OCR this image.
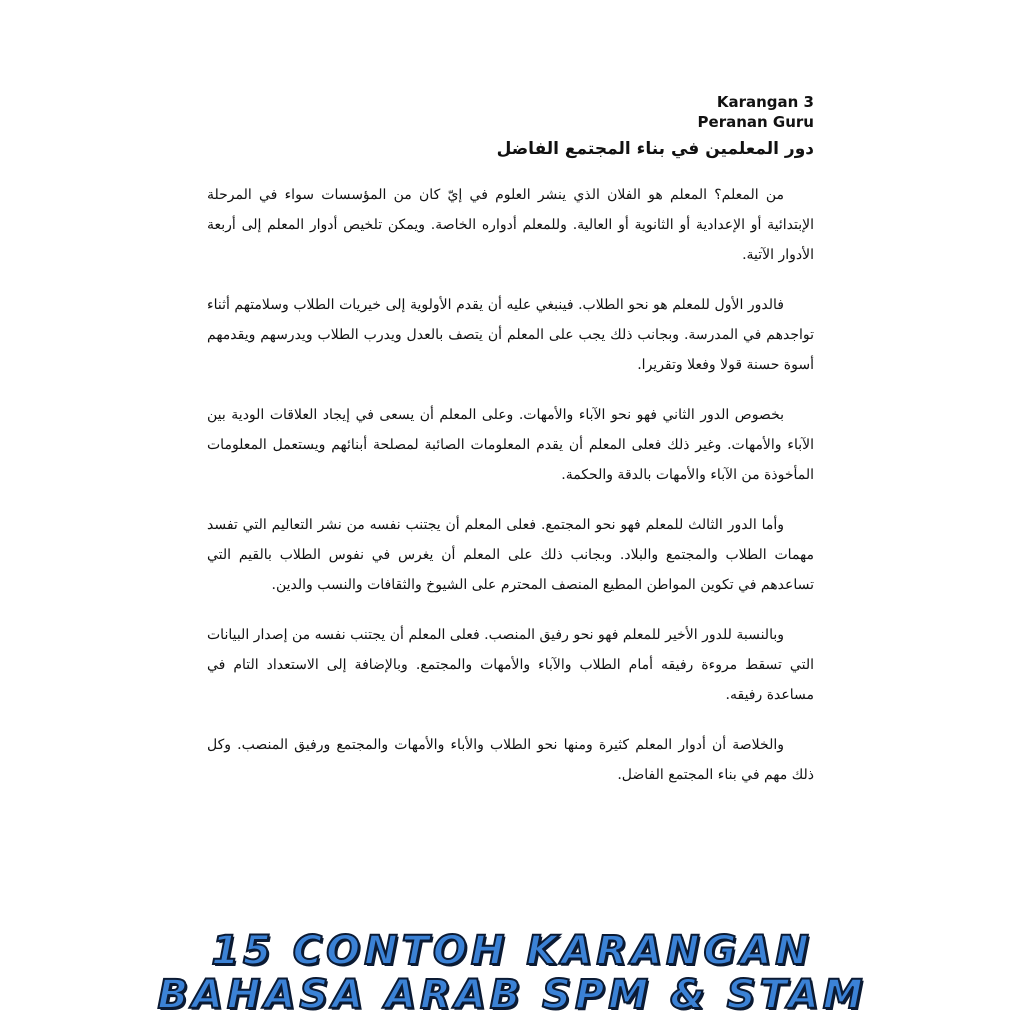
Karangan 3
Peranan Guru
دور المعلمين في بناء المجتمع الفاضل

من المعلم؟ المعلم هو الفلان الذي ينشر العلوم في إيّ كان من المؤسسات سواء في المرحلة الإبتدائية أو الإعدادية أو الثانوية أو العالية. وللمعلم أدواره الخاصة. ويمكن تلخيص أدوار المعلم إلى أربعة الأدوار الآتية.

فالدور الأول للمعلم هو نحو الطلاب. فينبغي عليه أن يقدم الأولوية إلى خيريات الطلاب وسلامتهم أثناء تواجدهم في المدرسة. وبجانب ذلك يجب على المعلم أن يتصف بالعدل ويدرب الطلاب ويدرسهم ويقدمهم أسوة حسنة قولا وفعلا وتقريرا.

بخصوص الدور الثاني فهو نحو الآباء والأمهات. وعلى المعلم أن يسعى في إيجاد العلاقات الودية بين الآباء والأمهات. وغير ذلك فعلى المعلم أن يقدم المعلومات الصائبة لمصلحة أبنائهم ويستعمل المعلومات المأخوذة من الآباء والأمهات بالدقة والحكمة.

وأما الدور الثالث للمعلم فهو نحو المجتمع. فعلى المعلم أن يجتنب نفسه من نشر التعاليم التي تفسد مهمات الطلاب والمجتمع والبلاد. وبجانب ذلك على المعلم أن يغرس في نفوس الطلاب بالقيم التي تساعدهم في تكوين المواطن المطيع المنصف المحترم على الشيوخ والثقافات والنسب والدين.

وبالنسبة للدور الأخير للمعلم فهو نحو رفيق المنصب. فعلى المعلم أن يجتنب نفسه من إصدار البيانات التي تسقط مروءة رفيقه أمام الطلاب والآباء والأمهات والمجتمع. وبالإضافة إلى الاستعداد التام في مساعدة رفيقه.

والخلاصة أن أدوار المعلم كثيرة ومنها نحو الطلاب والأباء والأمهات والمجتمع ورفيق المنصب. وكل ذلك مهم في بناء المجتمع الفاضل.

15 CONTOH KARANGAN
BAHASA ARAB SPM & STAM
